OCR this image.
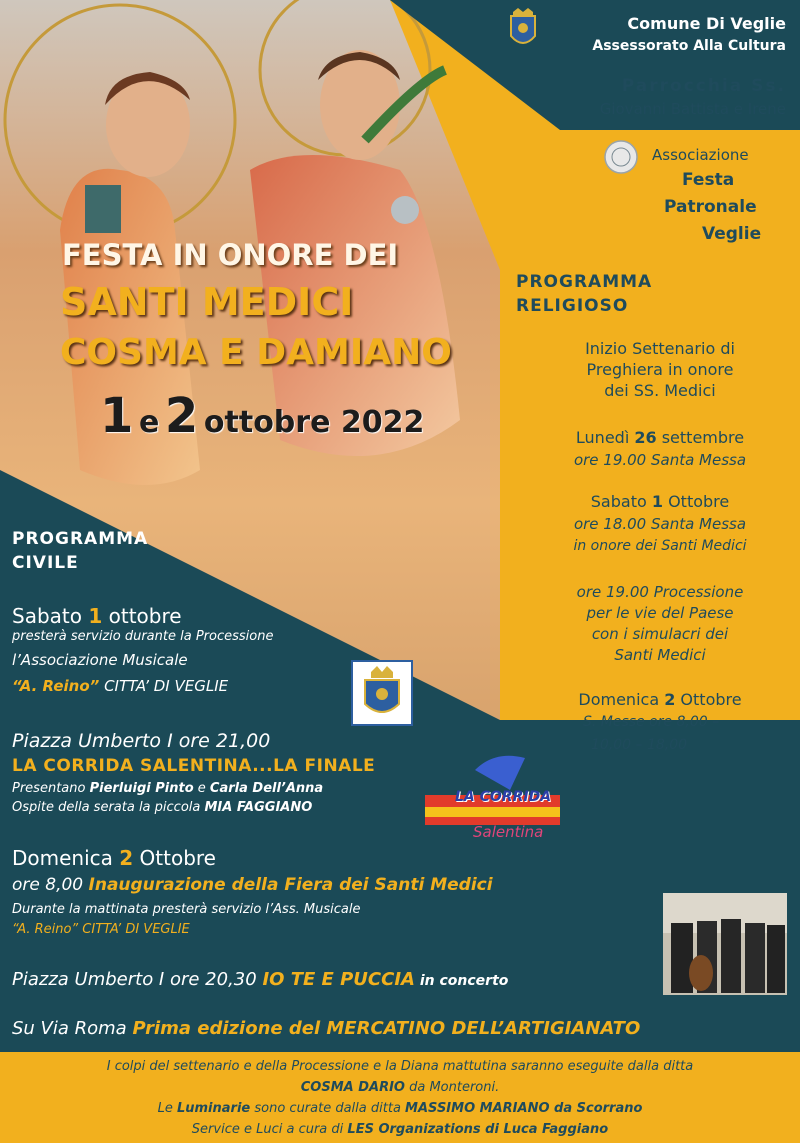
Comune Di Veglie
Assessorato Alla Cultura
Parrocchia Ss.
Giovanni Battista e Irene
Associazione
Festa
Patronale
Veglie
FESTA IN ONORE DEI
SANTI MEDICI
COSMA E DAMIANO
1 e 2 ottobre 2022
PROGRAMMA
RELIGIOSO
Inizio Settenario di
Preghiera in onore
dei SS. Medici
Lunedì 26 settembre
ore 19.00 Santa Messa
Sabato 1 Ottobre
ore 18.00 Santa Messa
in onore dei Santi Medici
ore 19.00 Processione
per le vie del Paese
con i simulacri dei
Santi Medici
Domenica 2 Ottobre
S. Messe ore 8,00 –
10,00 – 18,00
PROGRAMMA
CIVILE
Sabato 1 ottobre
presterà servizio durante la Processione
l’Associazione Musicale
“A. Reino” CITTA’ DI VEGLIE
Piazza Umberto I ore 21,00
LA CORRIDA SALENTINA...LA FINALE
Presentano Pierluigi Pinto e Carla Dell’Anna
Ospite della serata la piccola MIA FAGGIANO
LA CORRIDA
Salentina
Domenica 2 Ottobre
ore 8,00 Inaugurazione della Fiera dei Santi Medici
Durante la mattinata presterà servizio l’Ass. Musicale
“A. Reino” CITTA’ DI VEGLIE
Piazza Umberto I ore 20,30 IO TE E PUCCIA in concerto
Su Via Roma Prima edizione del MERCATINO DELL’ARTIGIANATO
I colpi del settenario e della Processione e la Diana mattutina saranno eseguite dalla ditta
COSMA DARIO da Monteroni.
Le Luminarie sono curate dalla ditta MASSIMO MARIANO da Scorrano
Service e Luci a cura di LES Organizations di Luca Faggiano
